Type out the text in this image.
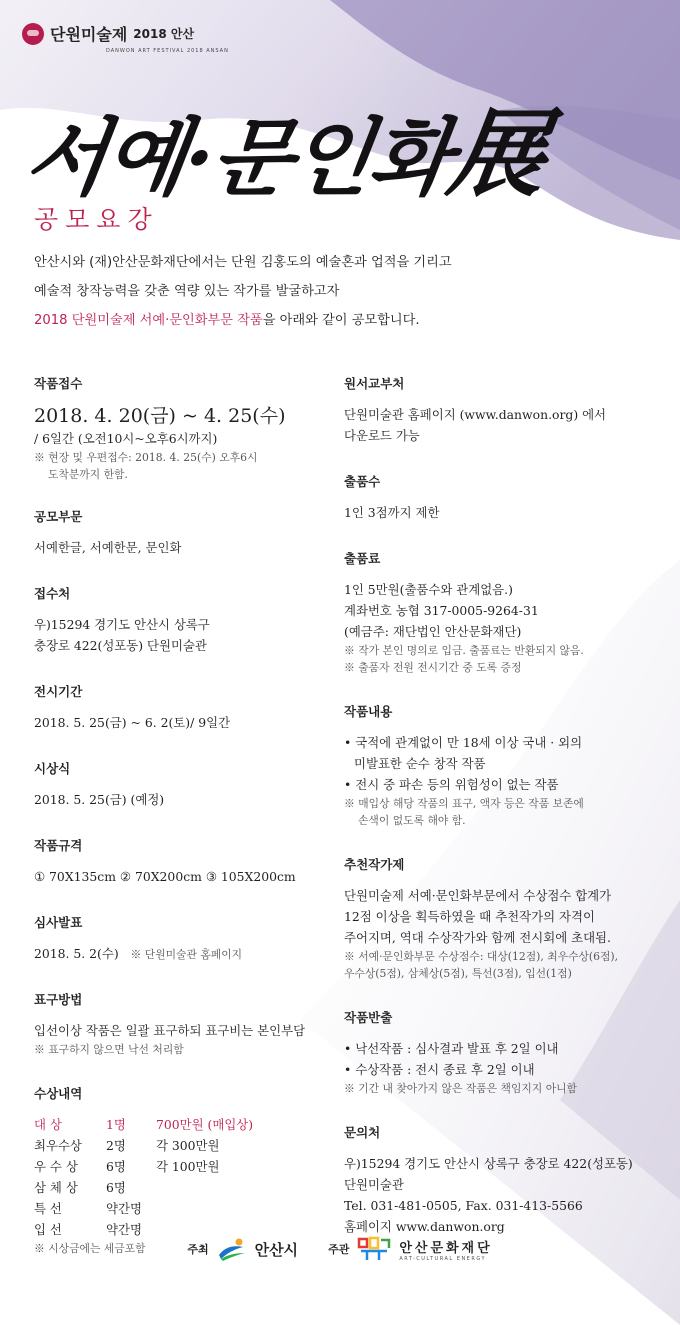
단원미술제 2018 안산
DANWON ART FESTIVAL 2018 ANSAN
서예·문인화展
공모요강
안산시와 (재)안산문화재단에서는 단원 김홍도의 예술혼과 업적을 기리고
예술적 창작능력을 갖춘 역량 있는 작가를 발굴하고자
2018 단원미술제 서예·문인화부문 작품을 아래와 같이 공모합니다.
작품접수
2018. 4. 20(금) ~ 4. 25(수)
/ 6일간 (오전10시~오후6시까지)
※ 현장 및 우편접수: 2018. 4. 25(수) 오후6시
도착분까지 한함.
공모부문
서예한글, 서예한문, 문인화
접수처
우)15294 경기도 안산시 상록구
충장로 422(성포동) 단원미술관
전시기간
2018. 5. 25(금) ~ 6. 2(토)/ 9일간
시상식
2018. 5. 25(금) (예정)
작품규격
① 70X135cm ② 70X200cm ③ 105X200cm
심사발표
2018. 5. 2(수) ※ 단원미술관 홈페이지
표구방법
입선이상 작품은 일괄 표구하되 표구비는 본인부담
※ 표구하지 않으면 낙선 처리함
수상내역
대 상	1명	700만원 (매입상)
최우수상	2명	각 300만원
우 수 상	6명	각 100만원
삼 체 상	6명
특 선	약간명
입 선	약간명
※ 시상금에는 세금포함
원서교부처
단원미술관 홈페이지 (www.danwon.org) 에서
다운로드 가능
출품수
1인 3점까지 제한
출품료
1인 5만원(출품수와 관계없음.)
계좌번호 농협 317-0005-9264-31
(예금주: 재단법인 안산문화재단)
※ 작가 본인 명의로 입금. 출품료는 반환되지 않음.
※ 출품자 전원 전시기간 중 도록 증정
작품내용
• 국적에 관계없이 만 18세 이상 국내 · 외의
미발표한 순수 창작 작품
• 전시 중 파손 등의 위험성이 없는 작품
※ 매입상 해당 작품의 표구, 액자 등은 작품 보존에
손색이 없도록 해야 함.
추천작가제
단원미술제 서예·문인화부문에서 수상점수 합계가
12점 이상을 획득하였을 때 추천작가의 자격이
주어지며, 역대 수상작가와 함께 전시회에 초대됨.
※ 서예·문인화부문 수상점수: 대상(12점), 최우수상(6점),
우수상(5점), 삼체상(5점), 특선(3점), 입선(1점)
작품반출
• 낙선작품 : 심사결과 발표 후 2일 이내
• 수상작품 : 전시 종료 후 2일 이내
※ 기간 내 찾아가지 않은 작품은 책임지지 아니함
문의처
우)15294 경기도 안산시 상록구 충장로 422(성포동)
단원미술관
Tel. 031-481-0505, Fax. 031-413-5566
홈페이지 www.danwon.org
주최	안산시	주관	안산문화재단
ART-CULTURAL ENERGY
